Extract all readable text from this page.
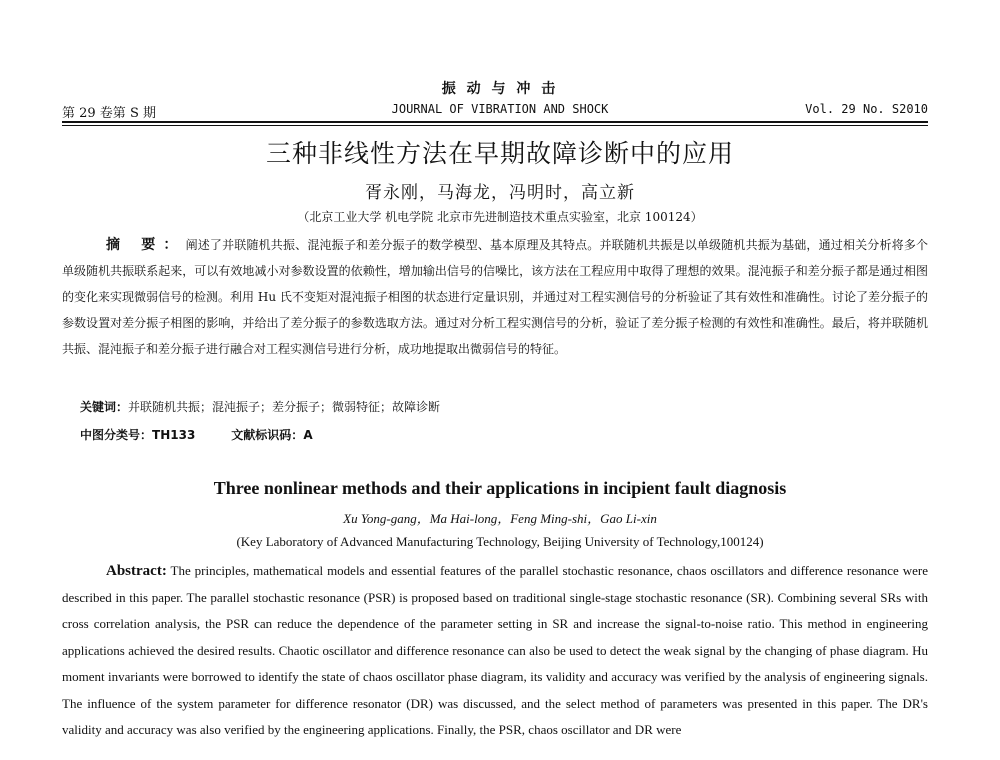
振 动 与 冲 击
第 29 卷第 S 期	JOURNAL OF VIBRATION AND SHOCK	Vol. 29 No. S2010
三种非线性方法在早期故障诊断中的应用
胥永刚，马海龙，冯明时，高立新
（北京工业大学 机电学院 北京市先进制造技术重点实验室，北京 100124）
摘 要：阐述了并联随机共振、混沌振子和差分振子的数学模型、基本原理及其特点。并联随机共振是以单级随机共振为基础，通过相关分析将多个单级随机共振联系起来，可以有效地减小对参数设置的依赖性，增加输出信号的信噪比，该方法在工程应用中取得了理想的效果。混沌振子和差分振子都是通过相图的变化来实现微弱信号的检测。利用 Hu 氏不变矩对混沌振子相图的状态进行定量识别，并通过对工程实测信号的分析验证了其有效性和准确性。讨论了差分振子的参数设置对差分振子相图的影响，并给出了差分振子的参数选取方法。通过对分析工程实测信号的分析，验证了差分振子检测的有效性和准确性。最后，将并联随机共振、混沌振子和差分振子进行融合对工程实测信号进行分析，成功地提取出微弱信号的特征。
关键词：并联随机共振；混沌振子；差分振子；微弱特征；故障诊断
中图分类号：TH133	文献标识码：A
Three nonlinear methods and their applications in incipient fault diagnosis
Xu Yong-gang，Ma Hai-long，Feng Ming-shi，Gao Li-xin
(Key Laboratory of Advanced Manufacturing Technology, Beijing University of Technology,100124)
Abstract: The principles, mathematical models and essential features of the parallel stochastic resonance, chaos oscillators and difference resonance were described in this paper. The parallel stochastic resonance (PSR) is proposed based on traditional single-stage stochastic resonance (SR). Combining several SRs with cross correlation analysis, the PSR can reduce the dependence of the parameter setting in SR and increase the signal-to-noise ratio. This method in engineering applications achieved the desired results. Chaotic oscillator and difference resonance can also be used to detect the weak signal by the changing of phase diagram. Hu moment invariants were borrowed to identify the state of chaos oscillator phase diagram, its validity and accuracy was verified by the analysis of engineering signals. The influence of the system parameter for difference resonator (DR) was discussed, and the select method of parameters was presented in this paper. The DR's validity and accuracy was also verified by the engineering applications. Finally, the PSR, chaos oscillator and DR were
